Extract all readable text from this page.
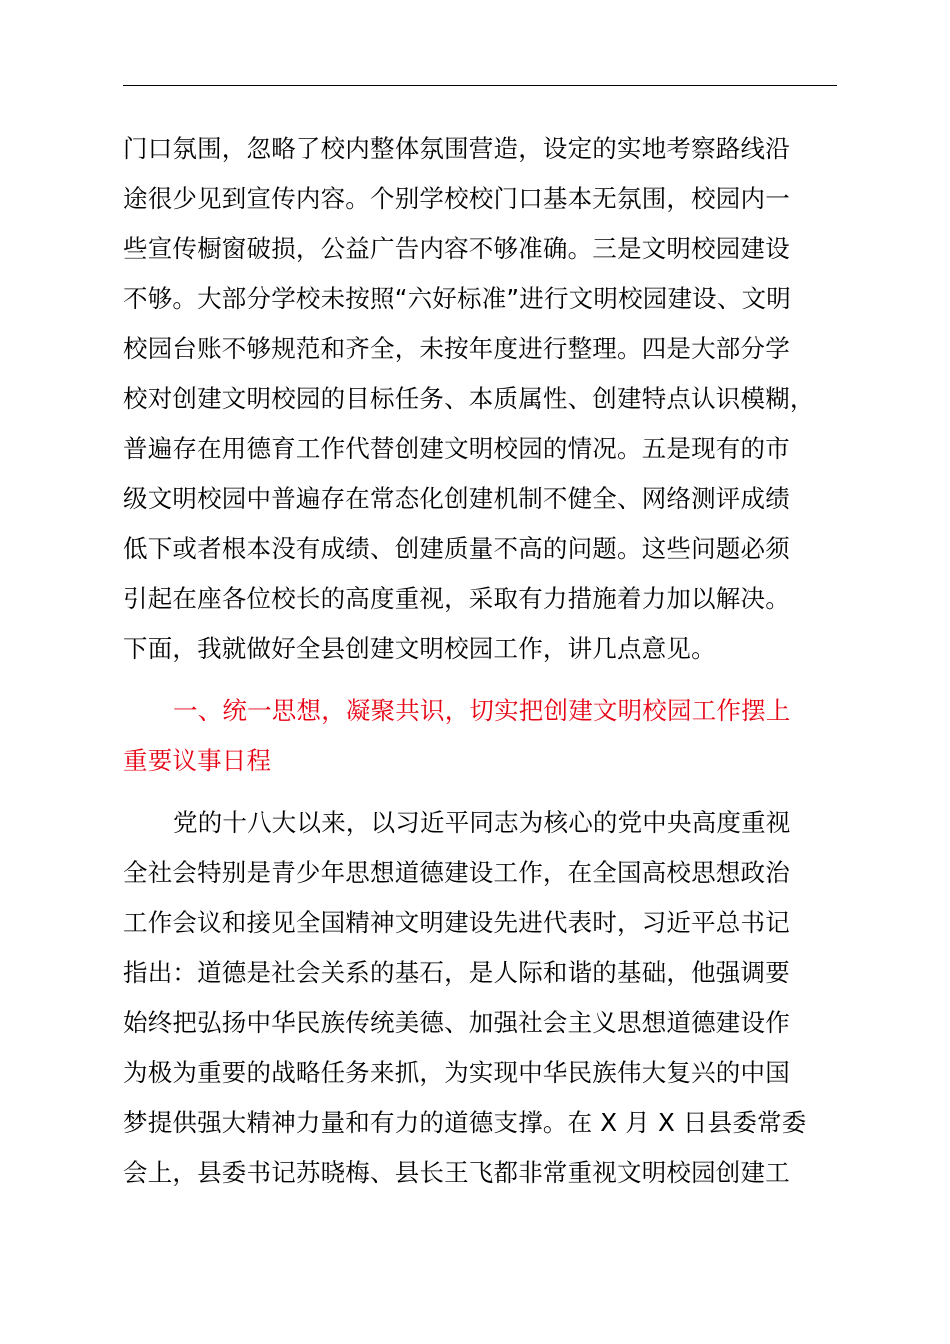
门口氛围，忽略了校内整体氛围营造，设定的实地考察路线沿
途很少见到宣传内容。个别学校校门口基本无氛围，校园内一
些宣传橱窗破损，公益广告内容不够准确。三是文明校园建设
不够。大部分学校未按照“六好标准”进行文明校园建设、文明
校园台账不够规范和齐全，未按年度进行整理。四是大部分学
校对创建文明校园的目标任务、本质属性、创建特点认识模糊，
普遍存在用德育工作代替创建文明校园的情况。五是现有的市
级文明校园中普遍存在常态化创建机制不健全、网络测评成绩
低下或者根本没有成绩、创建质量不高的问题。这些问题必须
引起在座各位校长的高度重视，采取有力措施着力加以解决。
下面，我就做好全县创建文明校园工作，讲几点意见。
一、统一思想，凝聚共识，切实把创建文明校园工作摆上
重要议事日程
党的十八大以来，以习近平同志为核心的党中央高度重视
全社会特别是青少年思想道德建设工作，在全国高校思想政治
工作会议和接见全国精神文明建设先进代表时，习近平总书记
指出：道德是社会关系的基石，是人际和谐的基础，他强调要
始终把弘扬中华民族传统美德、加强社会主义思想道德建设作
为极为重要的战略任务来抓，为实现中华民族伟大复兴的中国
梦提供强大精神力量和有力的道德支撑。在 X 月 X 日县委常委
会上，县委书记苏晓梅、县长王飞都非常重视文明校园创建工
